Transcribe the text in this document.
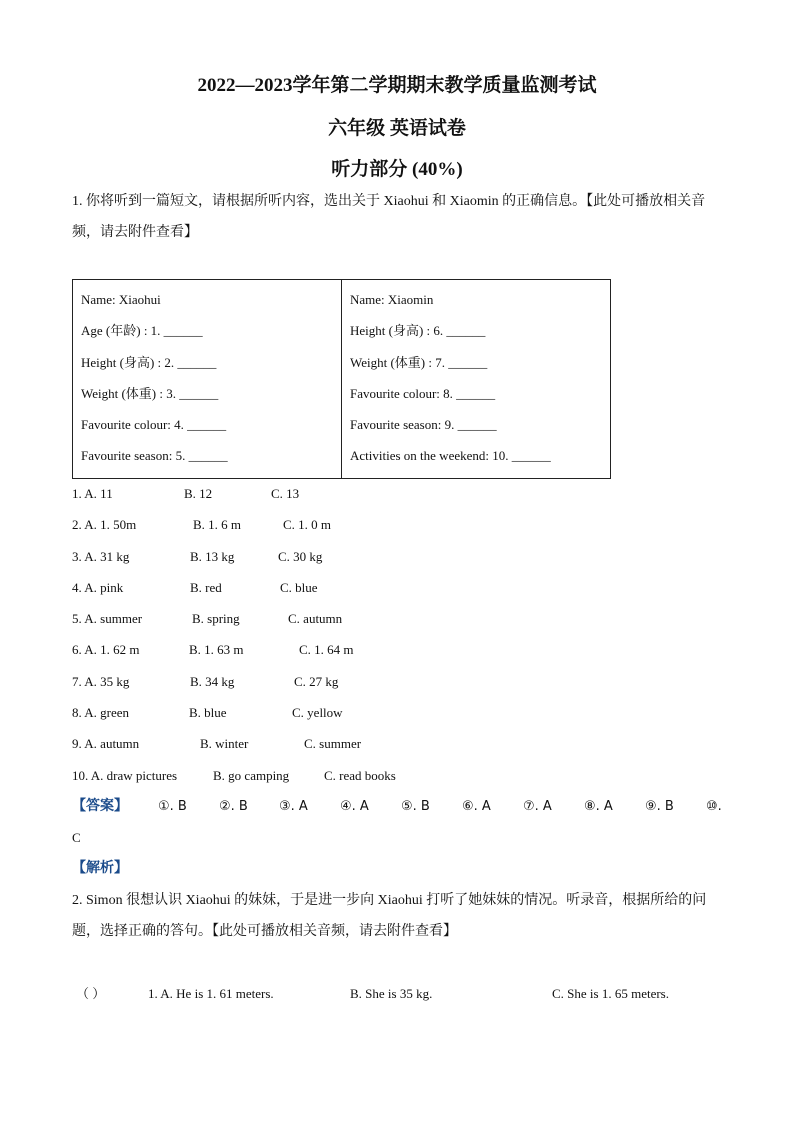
2022—2023学年第二学期期末教学质量监测考试
六年级 英语试卷
听力部分 (40%)
1. 你将听到一篇短文，请根据所听内容，选出关于 Xiaohui 和 Xiaomin 的正确信息。【此处可播放相关音
频，请去附件查看】
Name: Xiaohui
Age (年龄) : 1. ______
Height (身高) : 2. ______
Weight (体重) : 3. ______
Favourite colour: 4. ______
Favourite season: 5. ______

Name: Xiaomin
Height (身高) : 6. ______
Weight (体重) : 7. ______
Favourite colour: 8. ______
Favourite season: 9. ______
Activities on the weekend: 10. ______
1. A. 11	B. 12	C. 13
2. A. 1. 50m	B. 1. 6 m	C. 1. 0 m
3. A. 31 kg	B. 13 kg	C. 30 kg
4. A. pink	B. red	C. blue
5. A. summer	B. spring	C. autumn
6. A. 1. 62 m	B. 1. 63 m	C. 1. 64 m
7. A. 35 kg	B. 34 kg	C. 27 kg
8. A. green	B. blue	C. yellow
9. A. autumn	B. winter	C. summer
10. A. draw pictures	B. go camping	C. read books
【答案】 ①. B ②. B ③. A ④. A ⑤. B ⑥. A ⑦. A ⑧. A ⑨. B ⑩.
C
【解析】
2. Simon 很想认识 Xiaohui 的妹妹，于是进一步向 Xiaohui 打听了她妹妹的情况。听录音，根据所给的问
题，选择正确的答句。【此处可播放相关音频，请去附件查看】
（ ）	1. A. He is 1. 61 meters.	B. She is 35 kg.	C. She is 1. 65 meters.
